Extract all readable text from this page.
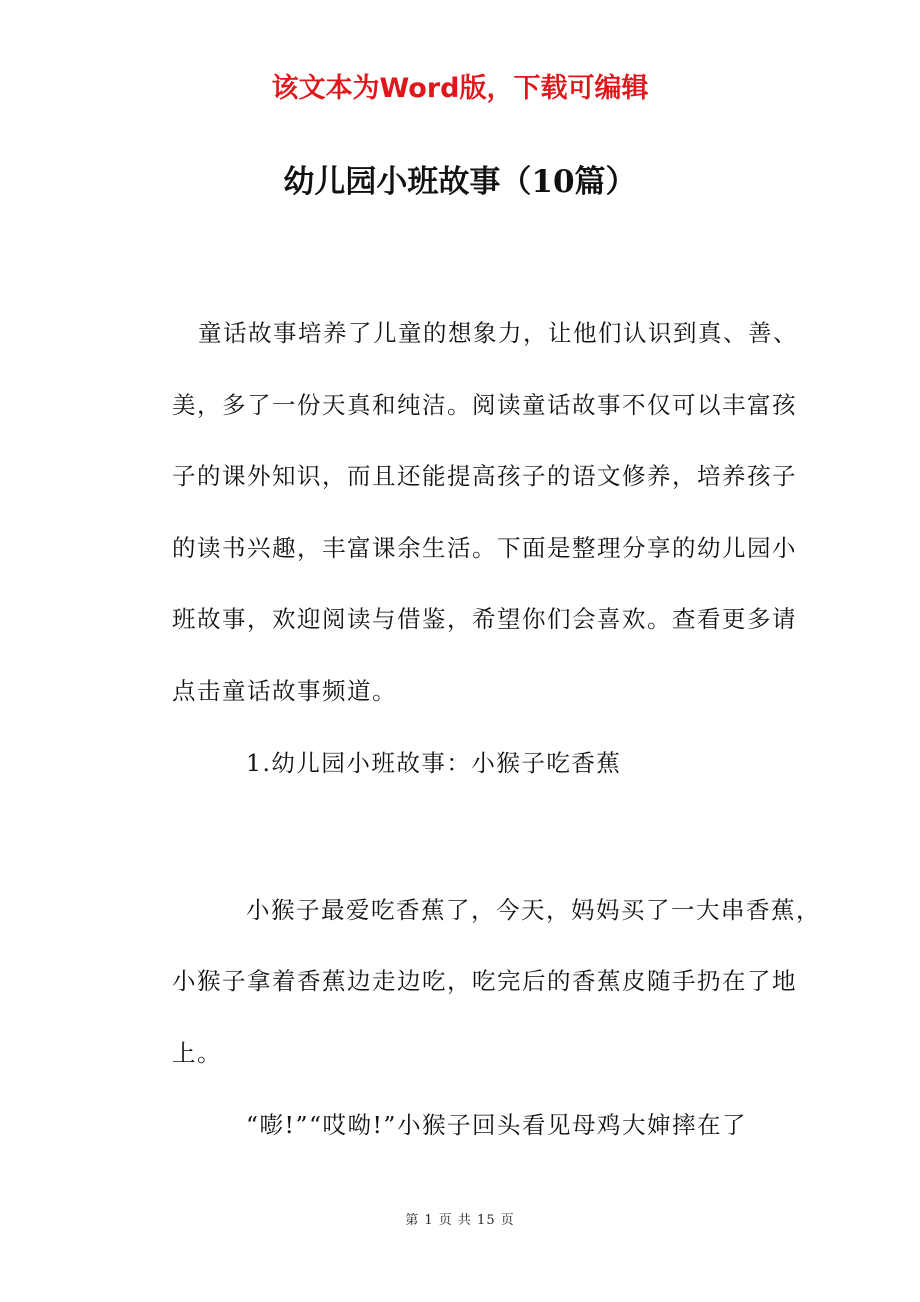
该文本为Word版，下载可编辑
幼儿园小班故事（10篇）
童话故事培养了儿童的想象力，让他们认识到真、善、
美，多了一份天真和纯洁。阅读童话故事不仅可以丰富孩
子的课外知识，而且还能提高孩子的语文修养，培养孩子
的读书兴趣，丰富课余生活。下面是整理分享的幼儿园小
班故事，欢迎阅读与借鉴，希望你们会喜欢。查看更多请
点击童话故事频道。
1.幼儿园小班故事：小猴子吃香蕉
小猴子最爱吃香蕉了，今天，妈妈买了一大串香蕉，
小猴子拿着香蕉边走边吃，吃完后的香蕉皮随手扔在了地
上。
“嘭!”“哎呦!”小猴子回头看见母鸡大婶摔在了
第 1 页 共 15 页
